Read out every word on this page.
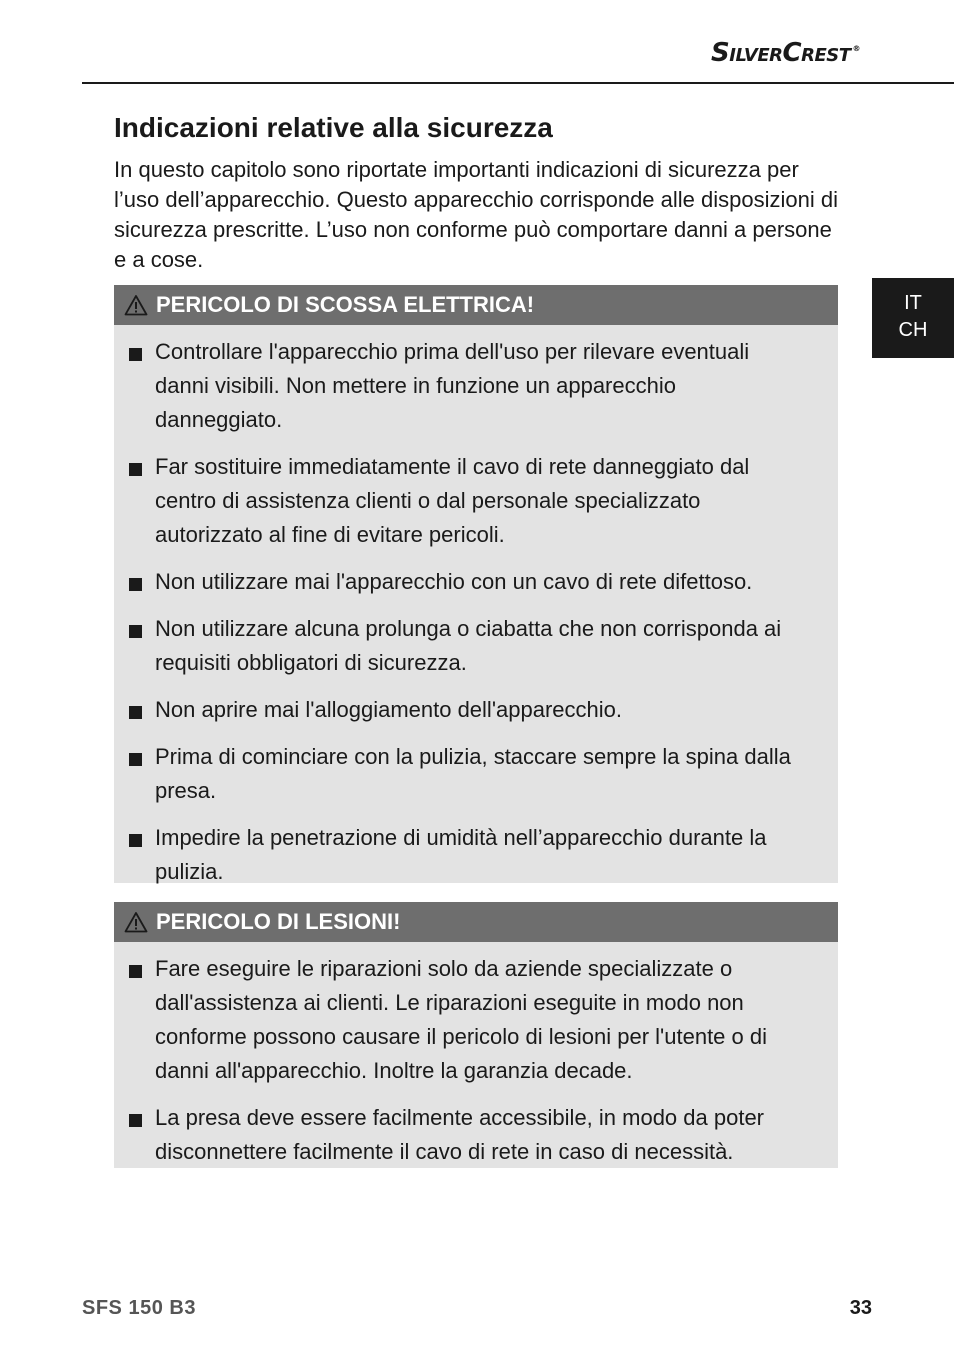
SilverCrest ®
Indicazioni relative alla sicurezza

In questo capitolo sono riportate importanti indicazioni di sicurezza per l’uso dell’apparecchio. Questo apparecchio corrisponde alle disposizioni di sicurezza prescritte. L’uso non conforme può comportare danni a persone e a cose.

IT
CH
PERICOLO DI SCOSSA ELETTRICA!
Controllare l'apparecchio prima dell'uso per rilevare eventuali danni visibili. Non mettere in funzione un apparecchio danneggiato.
Far sostituire immediatamente il cavo di rete danneggiato dal centro di assistenza clienti o dal personale specializzato autorizzato al fine di evitare pericoli.
Non utilizzare mai l'apparecchio con un cavo di rete difettoso.
Non utilizzare alcuna prolunga o ciabatta che non corrisponda ai requisiti obbligatori di sicurezza.
Non aprire mai l'alloggiamento dell'apparecchio.
Prima di cominciare con la pulizia, staccare sempre la spina dalla presa.
Impedire la penetrazione di umidità nell’apparecchio durante la pulizia.
PERICOLO DI LESIONI!
Fare eseguire le riparazioni solo da aziende specializzate o dall'assistenza ai clienti. Le riparazioni eseguite in modo non conforme possono causare il pericolo di lesioni per l'utente o di danni all'apparecchio. Inoltre la garanzia decade.
La presa deve essere facilmente accessibile, in modo da poter disconnettere facilmente il cavo di rete in caso di necessità.
SFS 150 B3	33
